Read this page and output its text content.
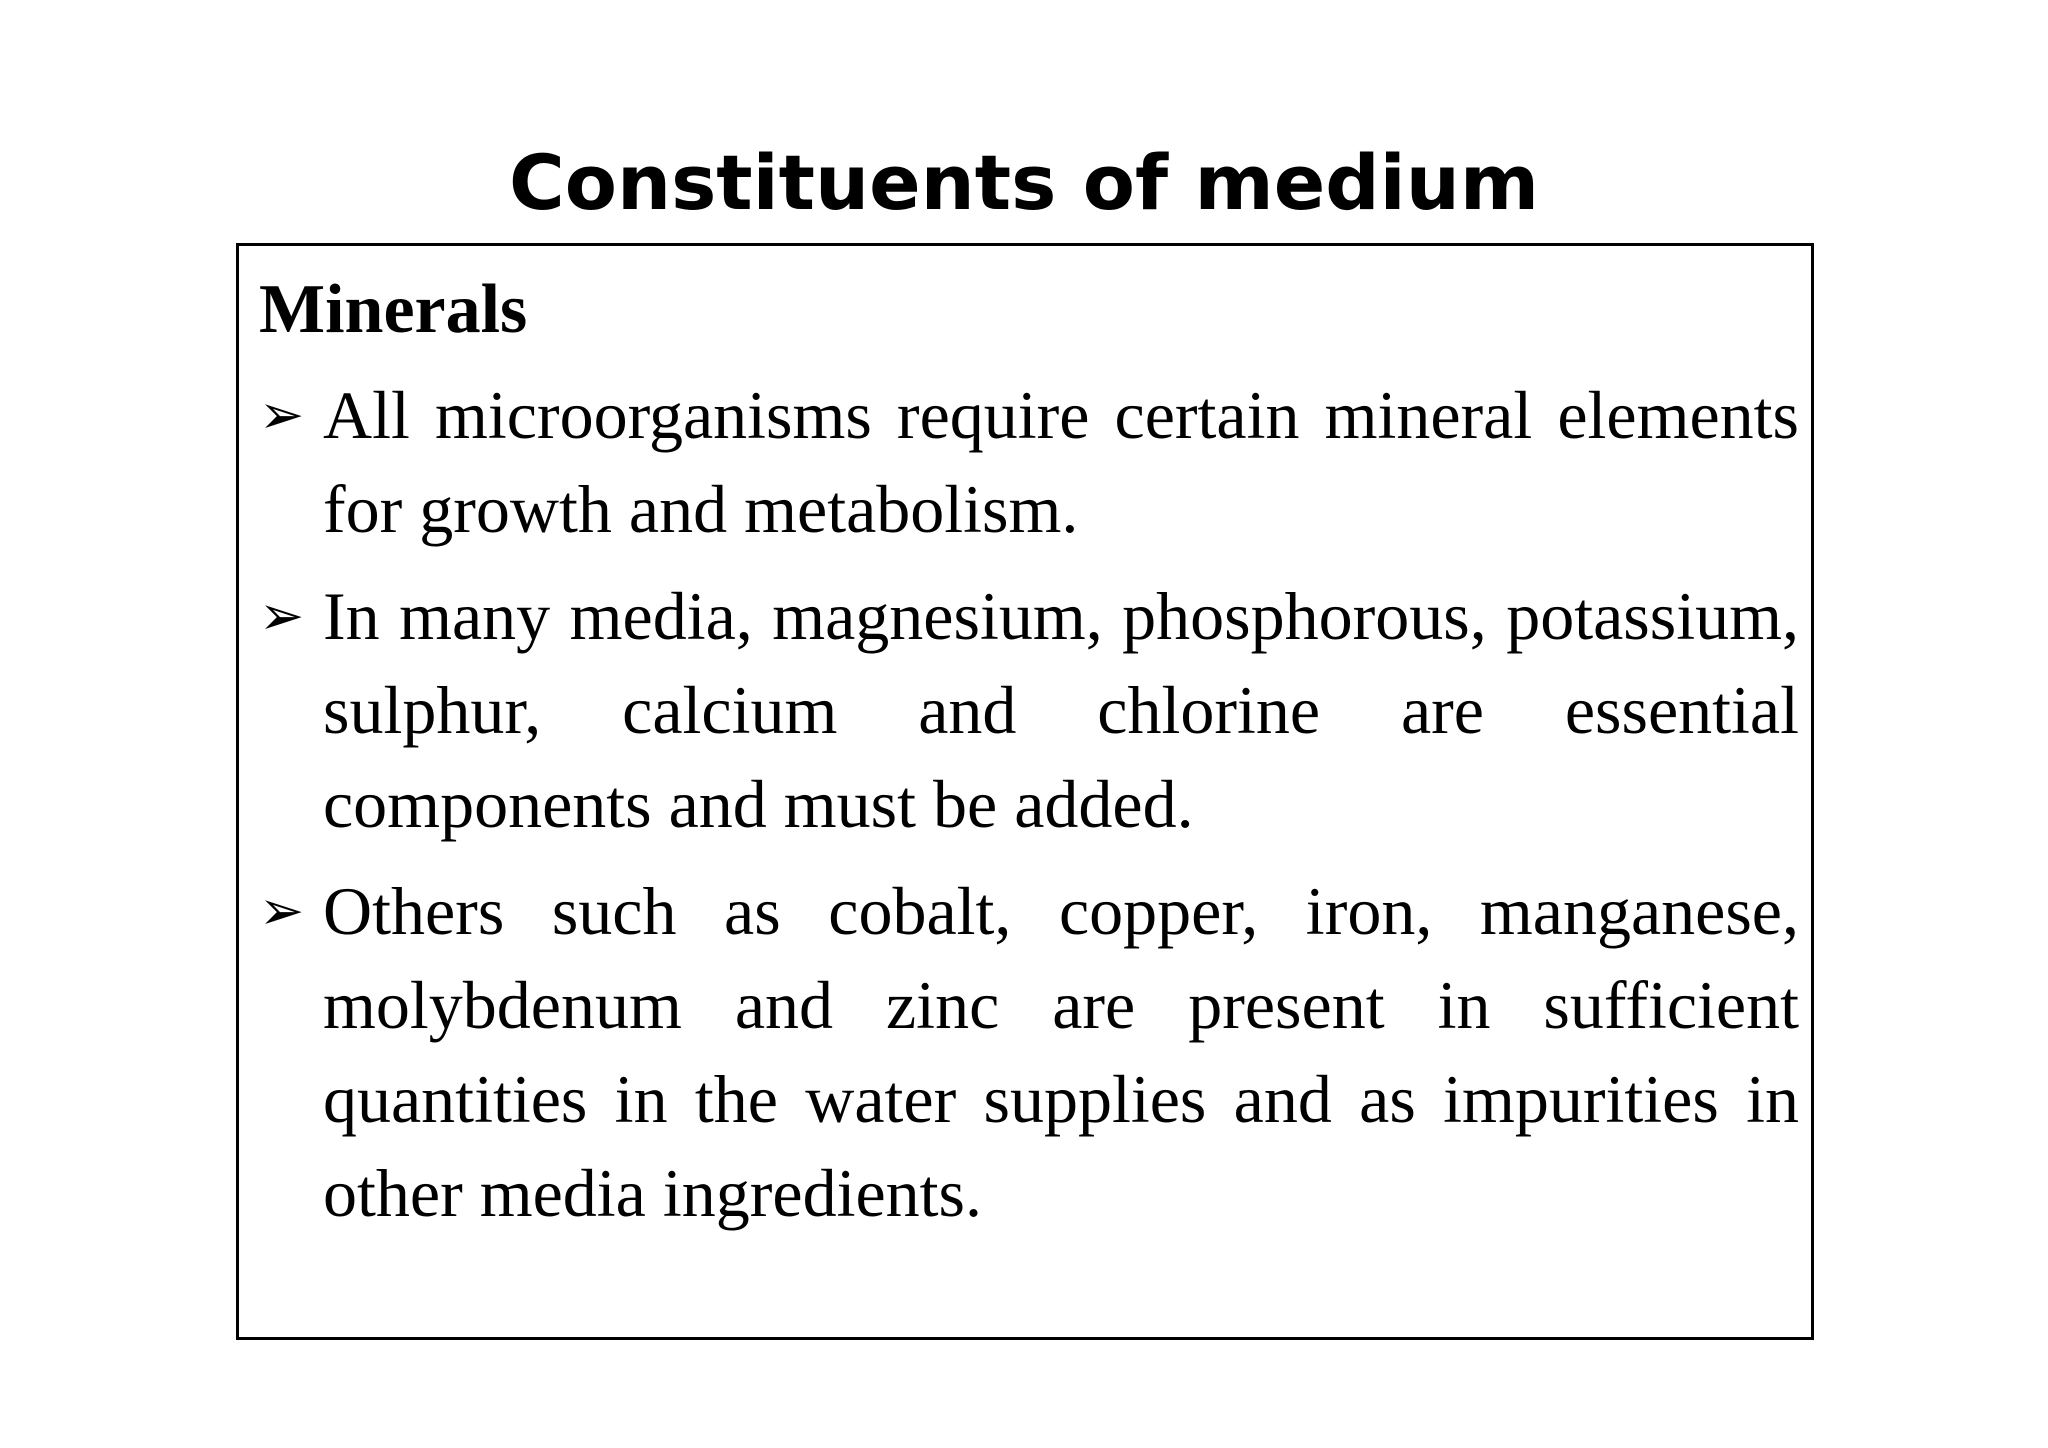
Constituents of medium
Minerals
➢ All microorganisms require certain mineral elements for growth and metabolism.
➢ In many media, magnesium, phosphorous, potassium, sulphur, calcium and chlorine are essential components and must be added.
➢ Others such as cobalt, copper, iron, manganese, molybdenum and zinc are present in sufficient quantities in the water supplies and as impurities in other media ingredients.
